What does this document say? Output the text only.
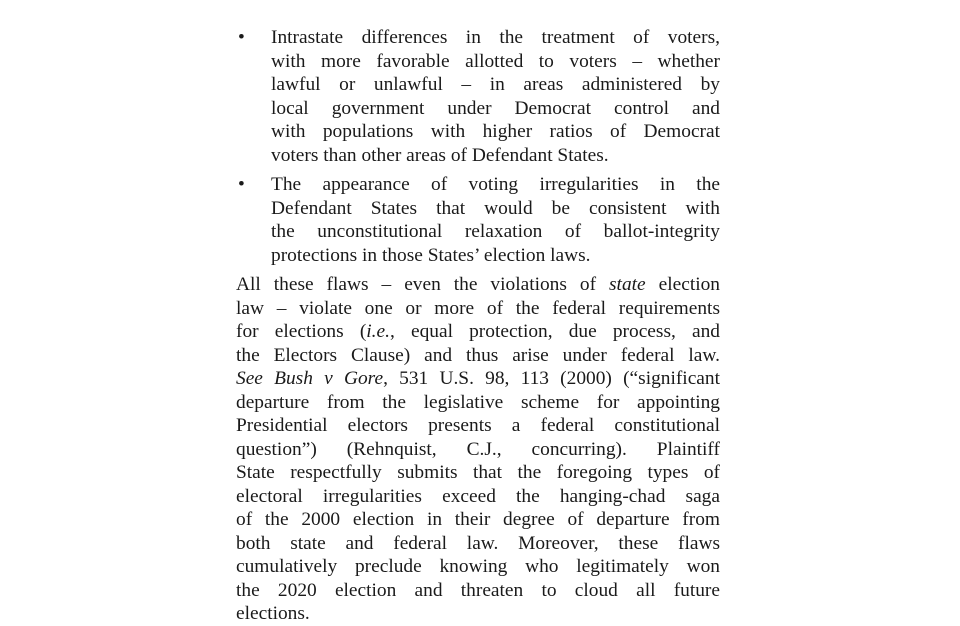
• Intrastate differences in the treatment of voters,
with more favorable allotted to voters – whether
lawful or unlawful – in areas administered by
local government under Democrat control and
with populations with higher ratios of Democrat
voters than other areas of Defendant States.
• The appearance of voting irregularities in the
Defendant States that would be consistent with
the unconstitutional relaxation of ballot-integrity
protections in those States’ election laws.
All these flaws – even the violations of state election
law – violate one or more of the federal requirements
for elections (i.e., equal protection, due process, and
the Electors Clause) and thus arise under federal law.
See Bush v Gore, 531 U.S. 98, 113 (2000) (“significant
departure from the legislative scheme for appointing
Presidential electors presents a federal constitutional
question”) (Rehnquist, C.J., concurring). Plaintiff
State respectfully submits that the foregoing types of
electoral irregularities exceed the hanging-chad saga
of the 2000 election in their degree of departure from
both state and federal law. Moreover, these flaws
cumulatively preclude knowing who legitimately won
the 2020 election and threaten to cloud all future
elections.
